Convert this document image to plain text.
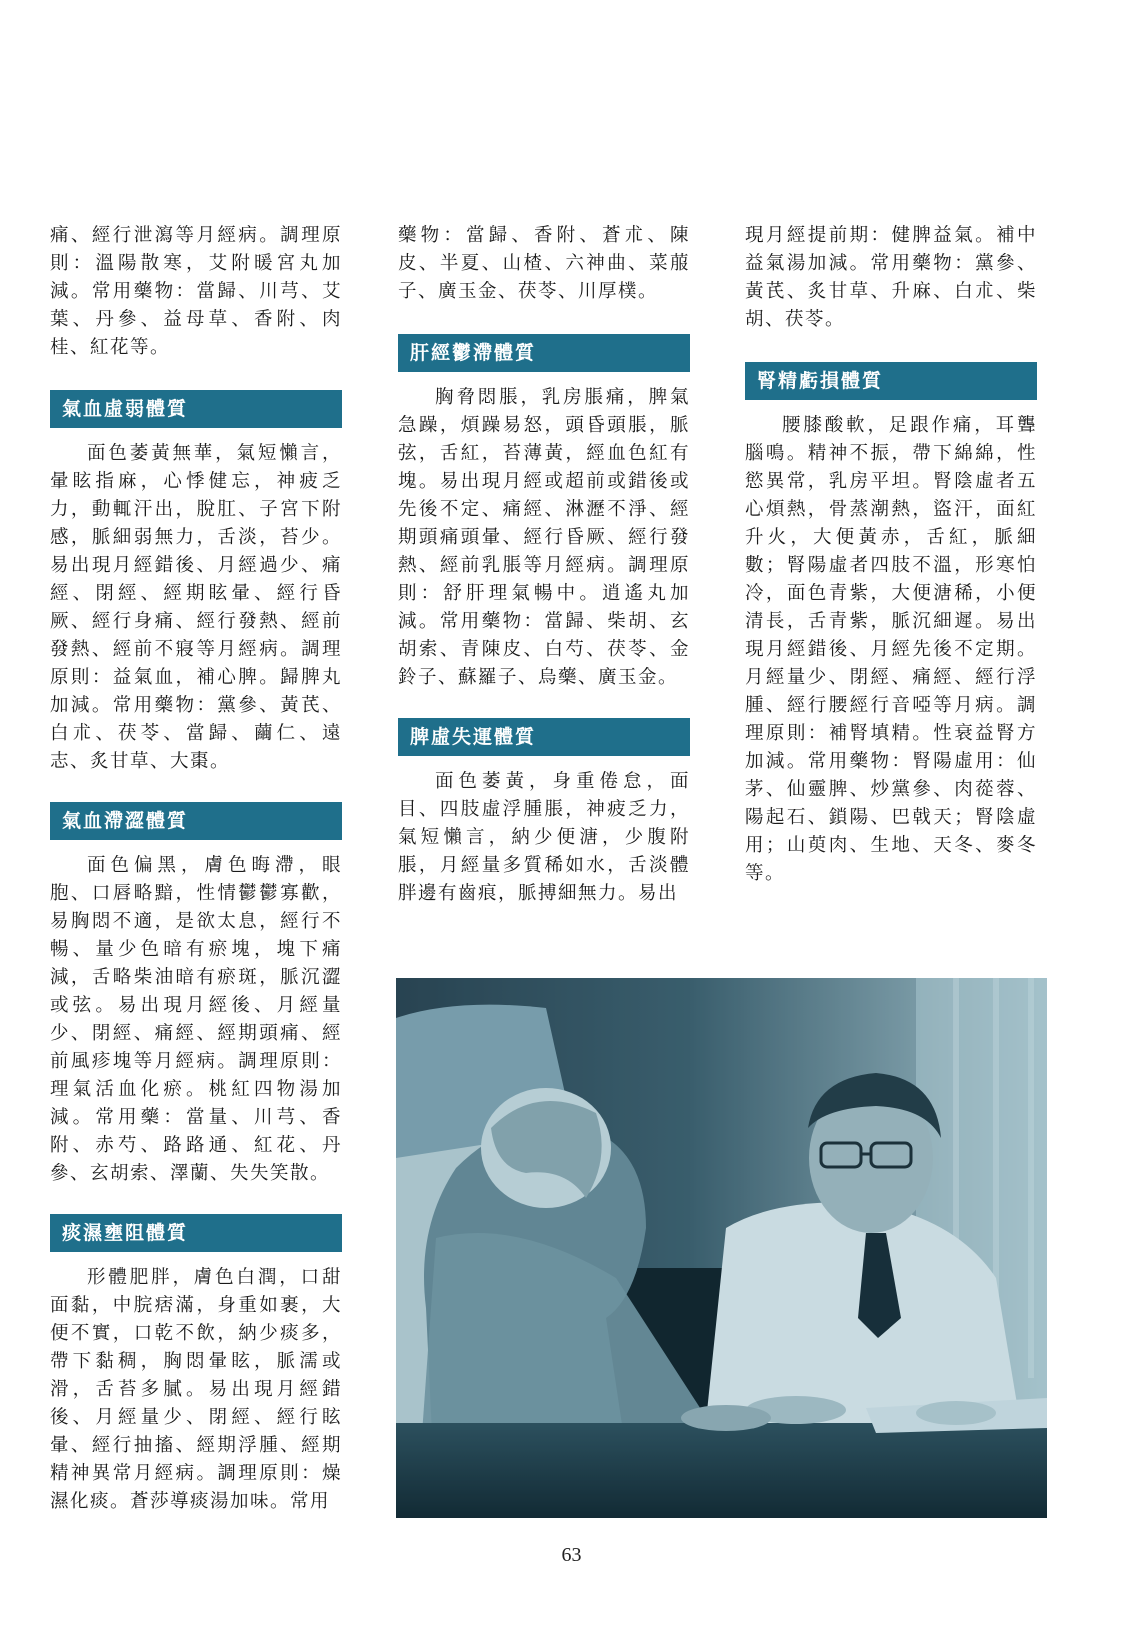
痛、經行泄瀉等月經病。調理原則：溫陽散寒，艾附暖宮丸加減。常用藥物：當歸、川芎、艾葉、丹參、益母草、香附、肉桂、紅花等。

氣血虛弱體質

面色萎黃無華，氣短懶言，暈眩指麻，心悸健忘，神疲乏力，動輒汗出，脫肛、子宮下附感，脈細弱無力，舌淡，苔少。易出現月經錯後、月經過少、痛經、閉經、經期眩暈、經行昏厥、經行身痛、經行發熱、經前發熱、經前不寢等月經病。調理原則：益氣血，補心脾。歸脾丸加減。常用藥物：黨參、黃芪、白朮、茯苓、當歸、繭仁、遠志、炙甘草、大棗。

氣血滯澀體質

面色偏黑，膚色晦滯，眼胞、口唇略黯，性情鬱鬱寡歡，易胸悶不適，是欲太息，經行不暢、量少色暗有瘀塊，塊下痛減，舌略柴油暗有瘀斑，脈沉澀或弦。易出現月經後、月經量少、閉經、痛經、經期頭痛、經前風疹塊等月經病。調理原則：理氣活血化瘀。桃紅四物湯加減。常用藥：當量、川芎、香附、赤芍、路路通、紅花、丹參、玄胡索、澤蘭、失失笑散。

痰濕壅阻體質

形體肥胖，膚色白潤，口甜面黏，中脘痞滿，身重如裹，大便不實，口乾不飲，納少痰多，帶下黏稠，胸悶暈眩，脈濡或滑，舌苔多膩。易出現月經錯後、月經量少、閉經、經行眩暈、經行抽搐、經期浮腫、經期精神異常月經病。調理原則：燥濕化痰。蒼莎導痰湯加味。常用

藥物：當歸、香附、蒼朮、陳皮、半夏、山楂、六神曲、菜菔子、廣玉金、茯苓、川厚樸。

肝經鬱滯體質

胸脅悶脹，乳房脹痛，脾氣急躁，煩躁易怒，頭昏頭脹，脈弦，舌紅，苔薄黃，經血色紅有塊。易出現月經或超前或錯後或先後不定、痛經、淋瀝不淨、經期頭痛頭暈、經行昏厥、經行發熱、經前乳脹等月經病。調理原則：舒肝理氣暢中。逍遙丸加減。常用藥物：當歸、柴胡、玄胡索、青陳皮、白芍、茯苓、金鈴子、蘇羅子、烏藥、廣玉金。

脾虛失運體質

面色萎黃，身重倦怠，面目、四肢虛浮腫脹，神疲乏力，氣短懶言，納少便溏，少腹附脹，月經量多質稀如水，舌淡體胖邊有齒痕，脈搏細無力。易出

現月經提前期：健脾益氣。補中益氣湯加減。常用藥物：黨參、黃芪、炙甘草、升麻、白朮、柴胡、茯苓。

腎精虧損體質

腰膝酸軟，足跟作痛，耳聾腦鳴。精神不振，帶下綿綿，性慾異常，乳房平坦。腎陰虛者五心煩熱，骨蒸潮熱，盜汗，面紅升火，大便黃赤，舌紅，脈細數；腎陽虛者四肢不溫，形寒怕冷，面色青紫，大便溏稀，小便清長，舌青紫，脈沉細遲。易出現月經錯後、月經先後不定期。月經量少、閉經、痛經、經行浮腫、經行腰經行音啞等月病。調理原則：補腎填精。性衰益腎方加減。常用藥物：腎陽虛用：仙茅、仙靈脾、炒黨參、肉蓯蓉、陽起石、鎖陽、巴戟天；腎陰虛用；山萸肉、生地、天冬、麥冬等。

63
